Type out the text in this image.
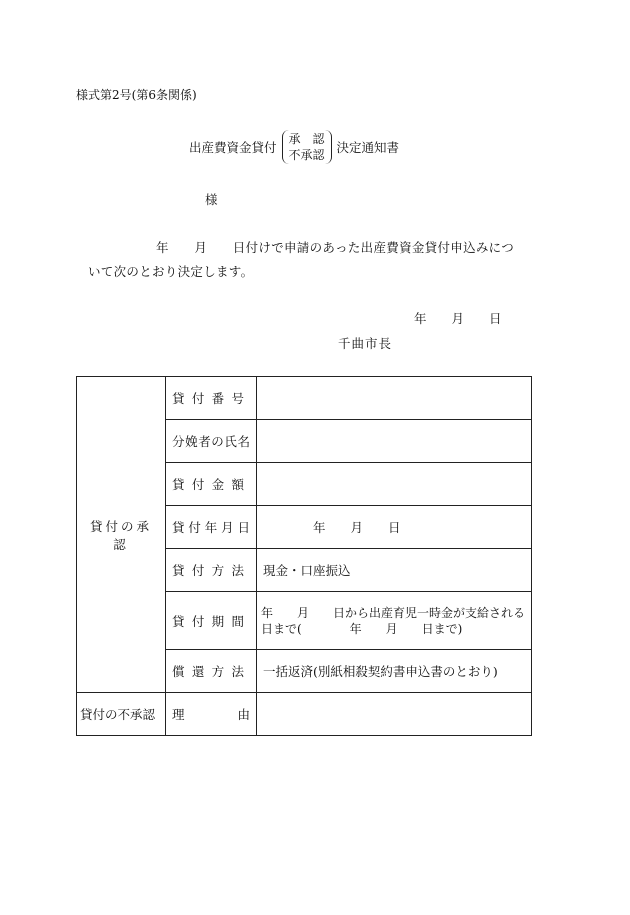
様式第2号(第6条関係)
出産費資金貸付
承　認
不承認 決定通知書
様
年　　月　　日付けで申請のあった出産費資金貸付申込みにつ
いて次のとおり決定します。
年　　月　　日
千曲市長
貸付の承認	貸付番号	
	分娩者の氏名	
	貸付金額	
	貸付年月日	年　　月　　日
	貸付方法	現金・口座振込
	貸付期間	年　　月　　日から出産育児一時金が支給される日まで(　　　　年　　月　　日まで)
	償還方法	一括返済(別紙相殺契約書申込書のとおり)
貸付の不承認	理　　　　由	
